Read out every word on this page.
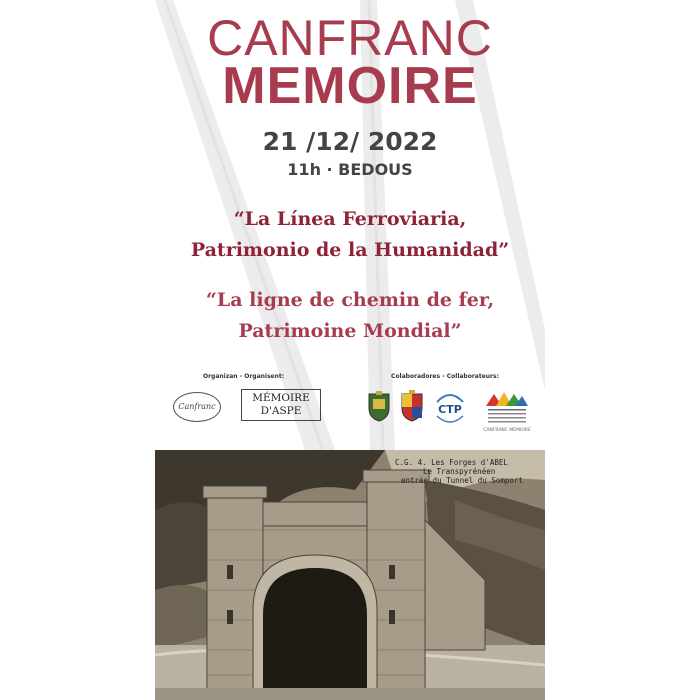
CANFRANC
MEMOIRE
21 /12/ 2022
11h · BEDOUS
“La Línea Ferroviaria,
Patrimonio de la Humanidad”
“La ligne de chemin de fer,
Patrimoine Mondial”
Organizan - Organisent:
Canfranc
MÉMOIRE
D'ASPE
Colaboradores - Collaborateurs:
CTP
CANFRANC MEMOIRE
C.G. 4. Les Forges d'ABEL
Le Transpyrénéen
entrée du Tunnel du Somport
